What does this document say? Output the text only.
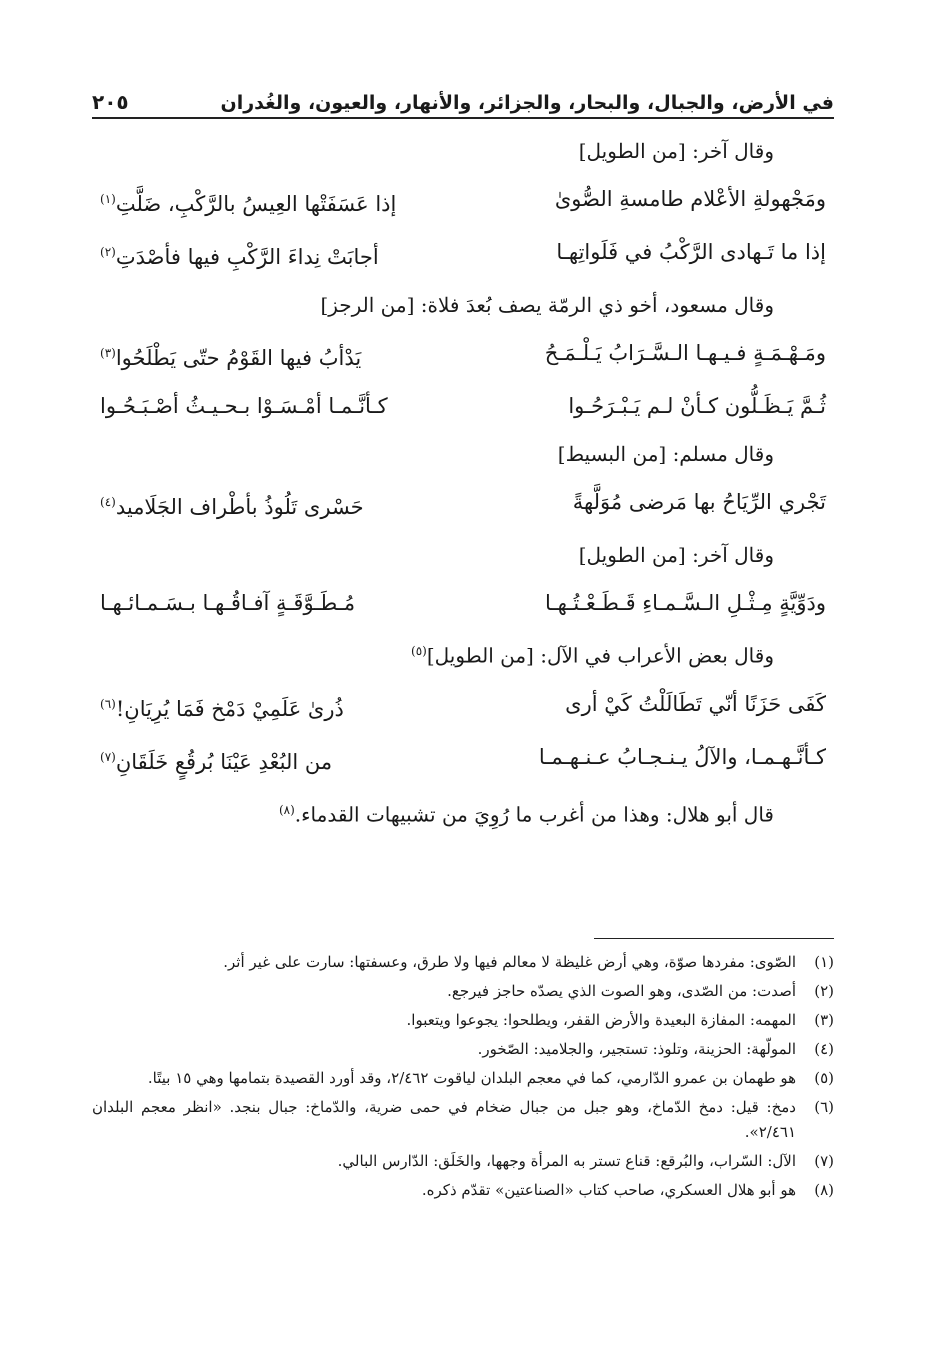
في الأرض، والجبال، والبحار، والجزائر، والأنهار، والعيون، والغُدران
٢٠٥
وقال آخر: [من الطويل]
ومَجْهولةِ الأعْلام طامسةِ الصُّوىٰ
إذا عَسَفَتْها العِيسُ بالرَّكْبِ، ضَلَّتِ$^{(١)}$
إذا ما تَـهادى الرَّكْبُ في فَلَواتِهـا
أجابَتْ نِداءَ الرَّكْبِ فيها فأصْدَتِ$^{(٢)}$
وقال مسعود، أخو ذي الرمّة يصف بُعدَ فلاة: [من الرجز]
ومَـهْـمَـةٍ فـيـهـا الـسَّـرَابُ يَـلْـمَـحُ
يَدْأبُ فيها القَوْمُ حتّى يَطْلَحُوا$^{(٣)}$
ثُـمَّ يَـظَـلُّون كـأنْ لـم يَـبْـرَحُـوا
كـأنَّـمـا أمْـسَـوْا بـحـيـثُ أصْـبَـحُـوا
وقال مسلم: [من البسيط]
تَجْري الرِّيَاحُ بها مَرضى مُوَلَّهةً
حَسْرى تَلُوذُ بأطْراف الجَلَاميد$^{(٤)}$
وقال آخر: [من الطويل]
ودَوِّيَّةٍ مِـثْـلِ الـسَّـمـاءِ قَـطَـعْـتُـهـا
مُـطَـوَّقَـةٍ آفـاقُـهـا بـسَـمـائـهـا
وقال بعض الأعراب في الآل: [من الطويل]$^{(٥)}$
كَفَى حَزَنًا أنّي تَطَالَلْتُ كَيْ أرى
ذُرىٰ عَلَمِيْ دَمْخ فَمَا يُرِيَانِ!$^{(٦)}$
كـأنَّـهـمـا، والآلُ يـنـجـابُ عـنـهـمـا
من البُعْدِ عَيْنَا بُرقُعٍ خَلَقَانِ$^{(٧)}$
قال أبو هلال: وهذا من أغرب ما رُوِيَ من تشبيهات القدماء.$^{(٨)}$
(١)
الصّوى: مفردها صوّة، وهي أرض غليظة لا معالم فيها ولا طرق، وعسفتها: سارت على غير أثر.
(٢)
أصدت: من الصّدى، وهو الصوت الذي يصدّه حاجز فيرجع.
(٣)
المهمه: المفازة البعيدة والأرض القفر، ويطلحوا: يجوعوا ويتعبوا.
(٤)
المولّهة: الحزينة، وتلوذ: تستجير، والجلاميد: الصّخور.
(٥)
هو طهمان بن عمرو الدّارمي، كما في معجم البلدان لياقوت ٢/٤٦٢، وقد أورد القصيدة بتمامها وهي ١٥ بيتًا.
(٦)
دمخ: قيل: دمخ الدّماخ، وهو جبل من جبال ضخام في حمى ضرية، والدّماخ: جبال بنجد. «انظر معجم البلدان ٢/٤٦١».
(٧)
الآل: السّراب، والبُرقع: قناع تستر به المرأة وجهها، والخَلَق: الدّارس البالي.
(٨)
هو أبو هلال العسكري، صاحب كتاب «الصناعتين» تقدّم ذكره.
